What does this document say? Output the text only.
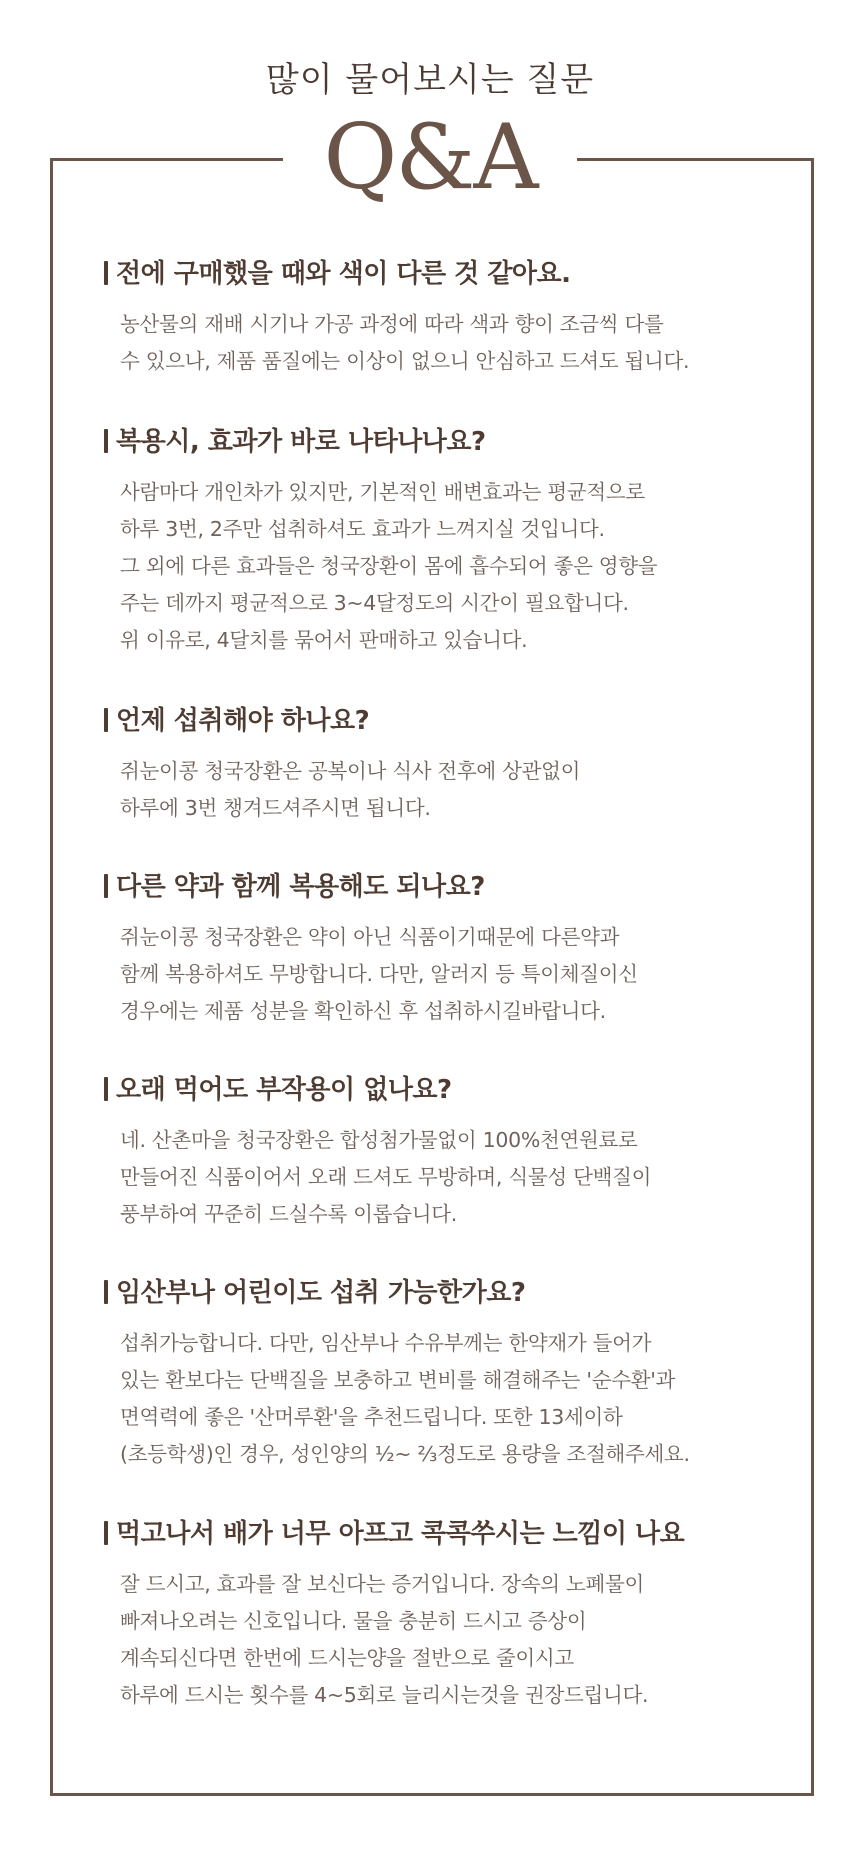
많이 물어보시는 질문
Q&A

전에 구매했을 때와 색이 다른 것 같아요.

농산물의 재배 시기나 가공 과정에 따라 색과 향이 조금씩 다를
수 있으나, 제품 품질에는 이상이 없으니 안심하고 드셔도 됩니다.

복용시, 효과가 바로 나타나나요?

사람마다 개인차가 있지만, 기본적인 배변효과는 평균적으로
하루 3번, 2주만 섭취하셔도 효과가 느껴지실 것입니다.
그 외에 다른 효과들은 청국장환이 몸에 흡수되어 좋은 영향을
주는 데까지 평균적으로 3~4달정도의 시간이 필요합니다.
위 이유로, 4달치를 묶어서 판매하고 있습니다.

언제 섭취해야 하나요?

쥐눈이콩 청국장환은 공복이나 식사 전후에 상관없이
하루에 3번 챙겨드셔주시면 됩니다.

다른 약과 함께 복용해도 되나요?

쥐눈이콩 청국장환은 약이 아닌 식품이기때문에 다른약과
함께 복용하셔도 무방합니다. 다만, 알러지 등 특이체질이신
경우에는 제품 성분을 확인하신 후 섭취하시길바랍니다.

오래 먹어도 부작용이 없나요?

네. 산촌마을 청국장환은 합성첨가물없이 100%천연원료로
만들어진 식품이어서 오래 드셔도 무방하며, 식물성 단백질이
풍부하여 꾸준히 드실수록 이롭습니다.

임산부나 어린이도 섭취 가능한가요?

섭취가능합니다. 다만, 임산부나 수유부께는 한약재가 들어가
있는 환보다는 단백질을 보충하고 변비를 해결해주는 '순수환'과
면역력에 좋은 '산머루환'을 추천드립니다. 또한 13세이하
(초등학생)인 경우, 성인양의 ½~ ⅔정도로 용량을 조절해주세요.

먹고나서 배가 너무 아프고 콕콕쑤시는 느낌이 나요

잘 드시고, 효과를 잘 보신다는 증거입니다. 장속의 노폐물이
빠져나오려는 신호입니다. 물을 충분히 드시고 증상이
계속되신다면 한번에 드시는양을 절반으로 줄이시고
하루에 드시는 횟수를 4~5회로 늘리시는것을 권장드립니다.
